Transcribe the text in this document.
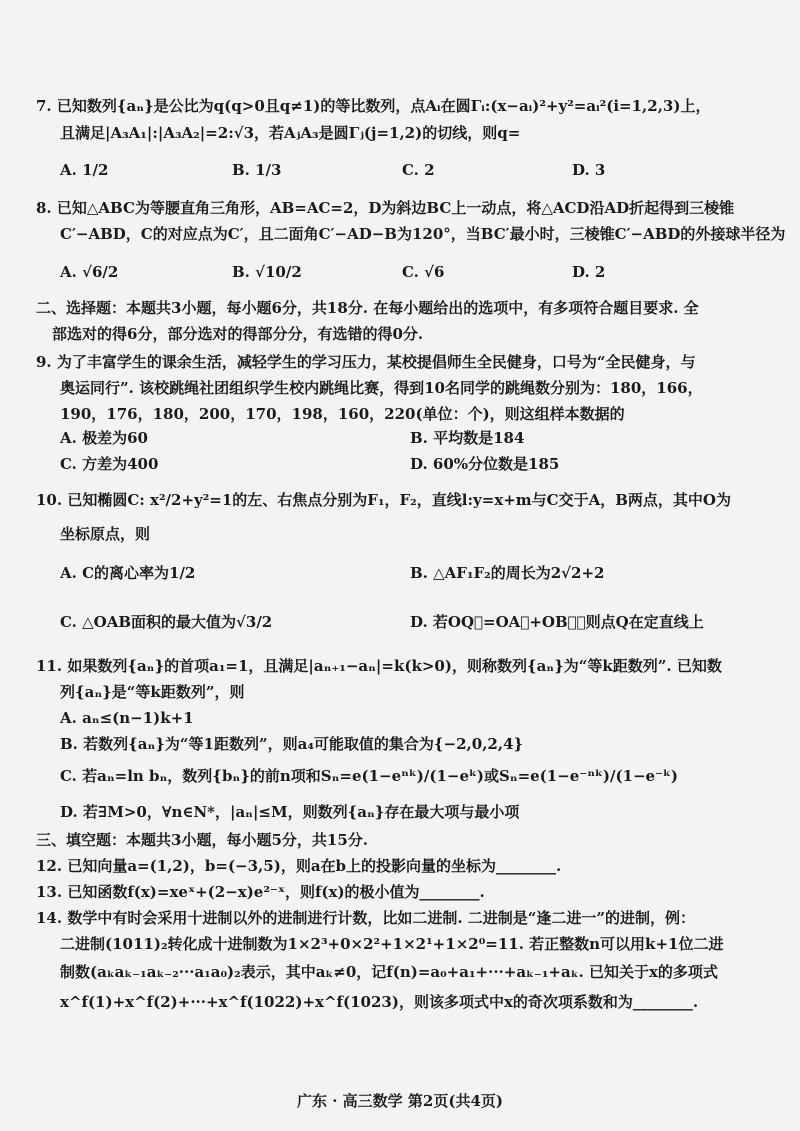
7. 已知数列{aₙ}是公比为q(q>0且q≠1)的等比数列，点Aᵢ在圆Γᵢ:(x−aᵢ)²+y²=aᵢ²(i=1,2,3)上，
且满足|A₃A₁|:|A₃A₂|=2:√3，若AⱼA₃是圆Γⱼ(j=1,2)的切线，则q=
A. 1/2	B. 1/3	C. 2	D. 3
8. 已知△ABC为等腰直角三角形，AB=AC=2，D为斜边BC上一动点，将△ACD沿AD折起得到三棱锥
C′−ABD，C的对应点为C′，且二面角C′−AD−B为120°，当BC′最小时，三棱锥C′−ABD的外接球半径为
A. √6/2	B. √10/2	C. √6	D. 2
二、选择题：本题共3小题，每小题6分，共18分. 在每小题给出的选项中，有多项符合题目要求. 全
部选对的得6分，部分选对的得部分分，有选错的得0分.
9. 为了丰富学生的课余生活，减轻学生的学习压力，某校提倡师生全民健身，口号为“全民健身，与
奥运同行”. 该校跳绳社团组织学生校内跳绳比赛，得到10名同学的跳绳数分别为：180，166，
190，176，180，200，170，198，160，220(单位：个)，则这组样本数据的
A. 极差为60	B. 平均数是184
C. 方差为400	D. 60%分位数是185
10. 已知椭圆C: x²/2+y²=1的左、右焦点分别为F₁，F₂，直线l:y=x+m与C交于A，B两点，其中O为
坐标原点，则
A. C的离心率为1/2	B. △AF₁F₂的周长为2√2+2
C. △OAB面积的最大值为√3/2	D. 若OQ⃗=OA⃗+OB⃗，则点Q在定直线上
11. 如果数列{aₙ}的首项a₁=1，且满足|aₙ₊₁−aₙ|=k(k>0)，则称数列{aₙ}为“等k距数列”. 已知数
列{aₙ}是“等k距数列”，则
A. aₙ≤(n−1)k+1
B. 若数列{aₙ}为“等1距数列”，则a₄可能取值的集合为{−2,0,2,4}
C. 若aₙ=ln bₙ，数列{bₙ}的前n项和Sₙ=e(1−eⁿᵏ)/(1−eᵏ)或Sₙ=e(1−e⁻ⁿᵏ)/(1−e⁻ᵏ)
D. 若∃M>0，∀n∈N*，|aₙ|≤M，则数列{aₙ}存在最大项与最小项
三、填空题：本题共3小题，每小题5分，共15分.
12. 已知向量a=(1,2)，b=(−3,5)，则a在b上的投影向量的坐标为________.
13. 已知函数f(x)=xeˣ+(2−x)e²⁻ˣ，则f(x)的极小值为________.
14. 数学中有时会采用十进制以外的进制进行计数，比如二进制. 二进制是“逢二进一”的进制，例：
二进制(1011)₂转化成十进制数为1×2³+0×2²+1×2¹+1×2⁰=11. 若正整数n可以用k+1位二进
制数(aₖaₖ₋₁aₖ₋₂···a₁a₀)₂表示，其中aₖ≠0，记f(n)=a₀+a₁+···+aₖ₋₁+aₖ. 已知关于x的多项式
x^f(1)+x^f(2)+···+x^f(1022)+x^f(1023)，则该多项式中x的奇次项系数和为________.
广东 · 高三数学 第2页(共4页)
